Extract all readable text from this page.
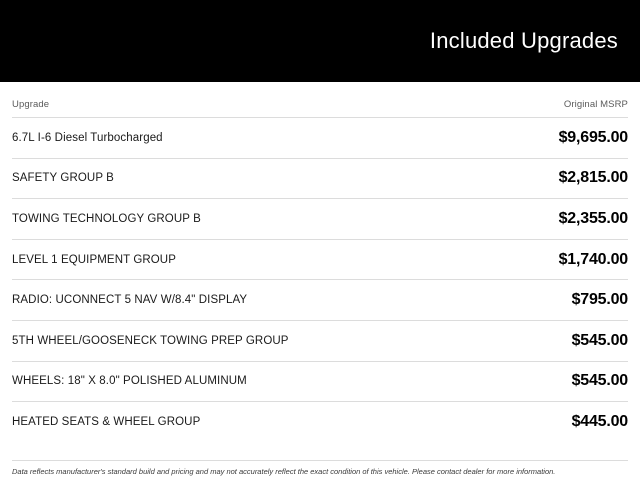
Included Upgrades
Upgrade	Original MSRP
6.7L I-6 Diesel Turbocharged	$9,695.00
SAFETY GROUP B	$2,815.00
TOWING TECHNOLOGY GROUP B	$2,355.00
LEVEL 1 EQUIPMENT GROUP	$1,740.00
RADIO: UCONNECT 5 NAV W/8.4" DISPLAY	$795.00
5TH WHEEL/GOOSENECK TOWING PREP GROUP	$545.00
WHEELS: 18" X 8.0" POLISHED ALUMINUM	$545.00
HEATED SEATS & WHEEL GROUP	$445.00
Data reflects manufacturer's standard build and pricing and may not accurately reflect the exact condition of this vehicle. Please contact dealer for more information.
